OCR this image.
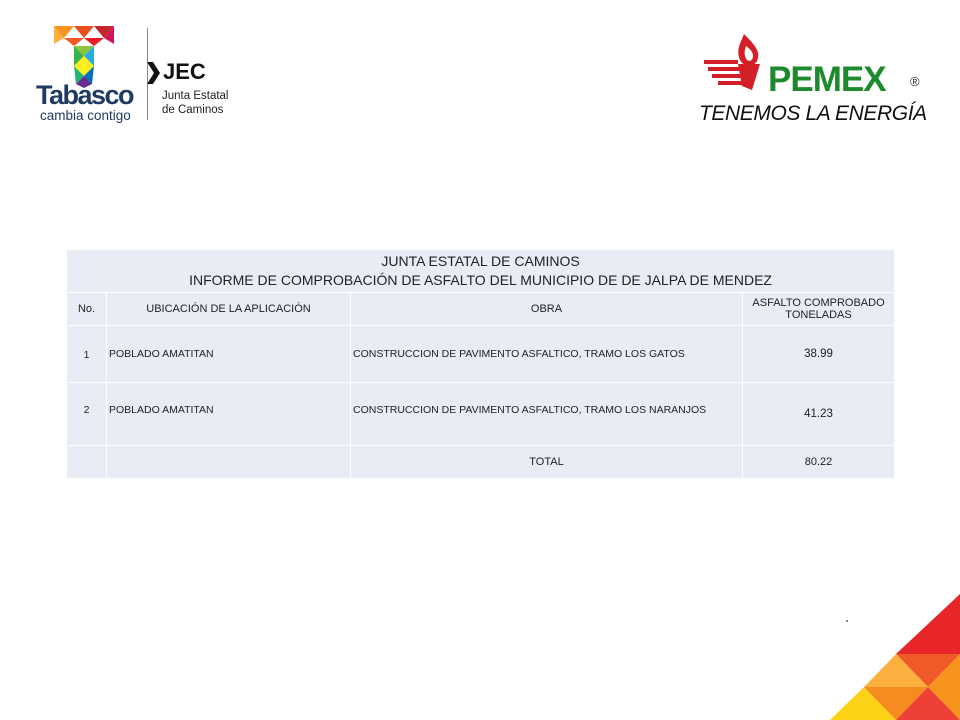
Tabasco
cambia contigo
JEC
Junta Estatal
de Caminos
PEMEX ®
TENEMOS LA ENERGÍA
JUNTA ESTATAL DE CAMINOS
INFORME DE COMPROBACIÓN DE ASFALTO DEL MUNICIPIO DE DE JALPA DE MENDEZ			

No.	UBICACIÓN DE LA APLICACIÓN	OBRA	ASFALTO COMPROBADO
TONELADAS

1	POBLADO AMATITAN	CONSTRUCCION DE PAVIMENTO ASFALTICO, TRAMO LOS GATOS	38.99
2	POBLADO AMATITAN	CONSTRUCCION DE PAVIMENTO ASFALTICO, TRAMO LOS NARANJOS	41.23
		TOTAL	80.22
